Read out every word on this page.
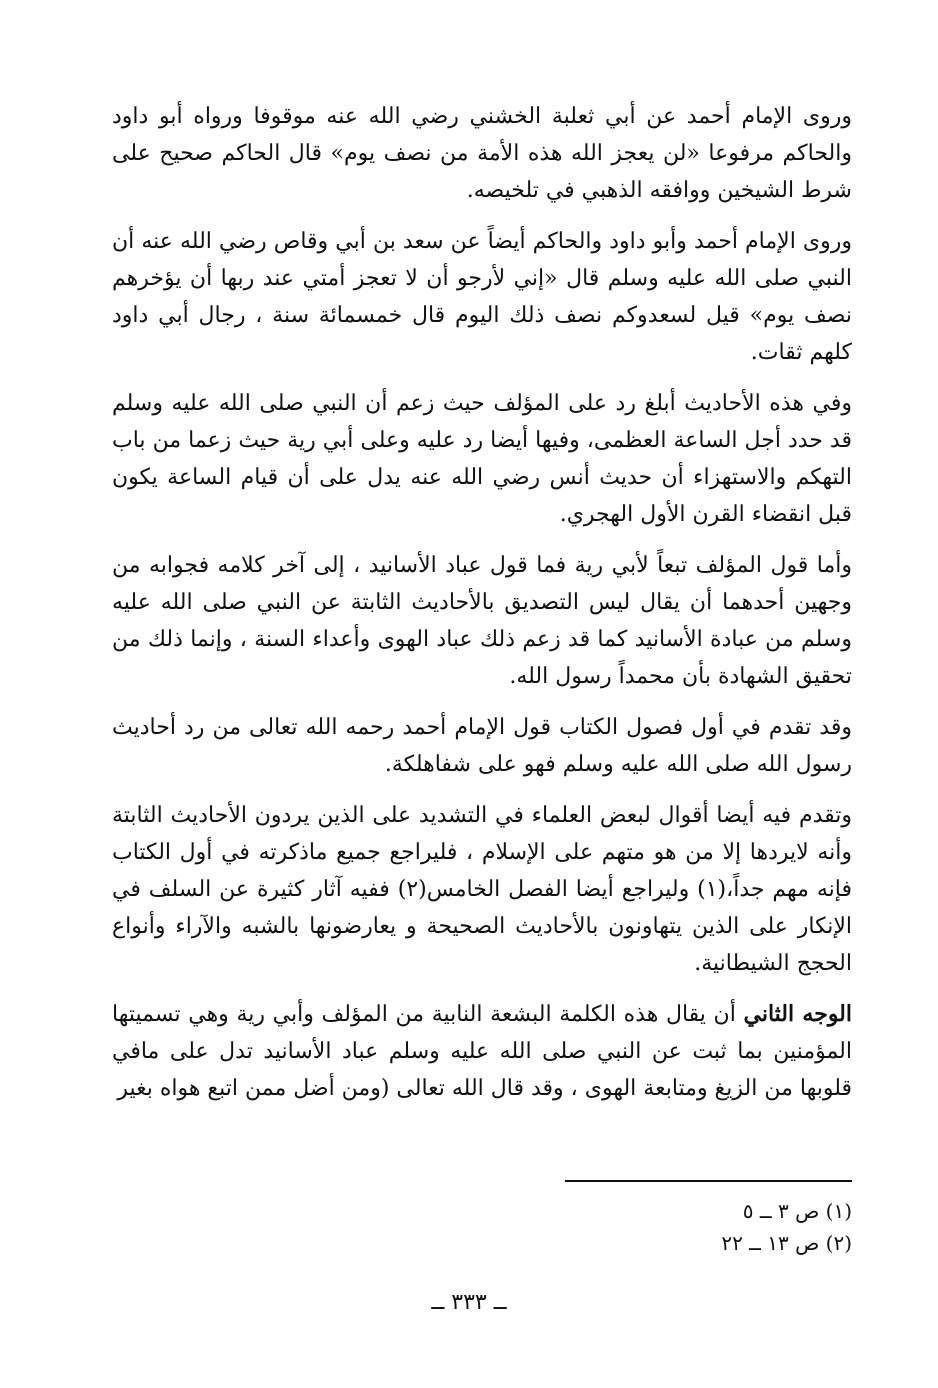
وروى الإمام أحمد عن أبي ثعلبة الخشني رضي الله عنه موقوفا ورواه أبو داود والحاكم مرفوعا «لن يعجز الله هذه الأمة من نصف يوم» قال الحاكم صحيح على شرط الشيخين ووافقه الذهبي في تلخيصه.

وروى الإمام أحمد وأبو داود والحاكم أيضاً عن سعد بن أبي وقاص رضي الله عنه أن النبي صلى الله عليه وسلم قال «إني لأرجو أن لا تعجز أمتي عند ربها أن يؤخرهم نصف يوم» قيل لسعدوكم نصف ذلك اليوم قال خمسمائة سنة ، رجال أبي داود كلهم ثقات.

وفي هذه الأحاديث أبلغ رد على المؤلف حيث زعم أن النبي صلى الله عليه وسلم قد حدد أجل الساعة العظمى، وفيها أيضا رد عليه وعلى أبي رية حيث زعما من باب التهكم والاستهزاء أن حديث أنس رضي الله عنه يدل على أن قيام الساعة يكون قبل انقضاء القرن الأول الهجري.

وأما قول المؤلف تبعاً لأبي رية فما قول عباد الأسانيد ، إلى آخر كلامه فجوابه من وجهين أحدهما أن يقال ليس التصديق بالأحاديث الثابتة عن النبي صلى الله عليه وسلم من عبادة الأسانيد كما قد زعم ذلك عباد الهوى وأعداء السنة ، وإنما ذلك من تحقيق الشهادة بأن محمداً رسول الله.

وقد تقدم في أول فصول الكتاب قول الإمام أحمد رحمه الله تعالى من رد أحاديث رسول الله صلى الله عليه وسلم فهو على شفاهلكة.

وتقدم فيه أيضا أقوال لبعض العلماء في التشديد على الذين يردون الأحاديث الثابتة وأنه لايردها إلا من هو متهم على الإسلام ، فليراجع جميع ماذكرته في أول الكتاب فإنه مهم جداً،(١) وليراجع أيضا الفصل الخامس(٢) ففيه آثار كثيرة عن السلف في الإنكار على الذين يتهاونون بالأحاديث الصحيحة و يعارضونها بالشبه والآراء وأنواع الحجج الشيطانية.

الوجه الثاني أن يقال هذه الكلمة البشعة النابية من المؤلف وأبي رية وهي تسميتها المؤمنين بما ثبت عن النبي صلى الله عليه وسلم عباد الأسانيد تدل على مافي قلوبها من الزيغ ومتابعة الهوى ، وقد قال الله تعالى (ومن أضل ممن اتبع هواه بغير

(١) ص ٣ ــ ٥
(٢) ص ١٣ ــ ٢٢
ــ ٣٣٣ ــ
